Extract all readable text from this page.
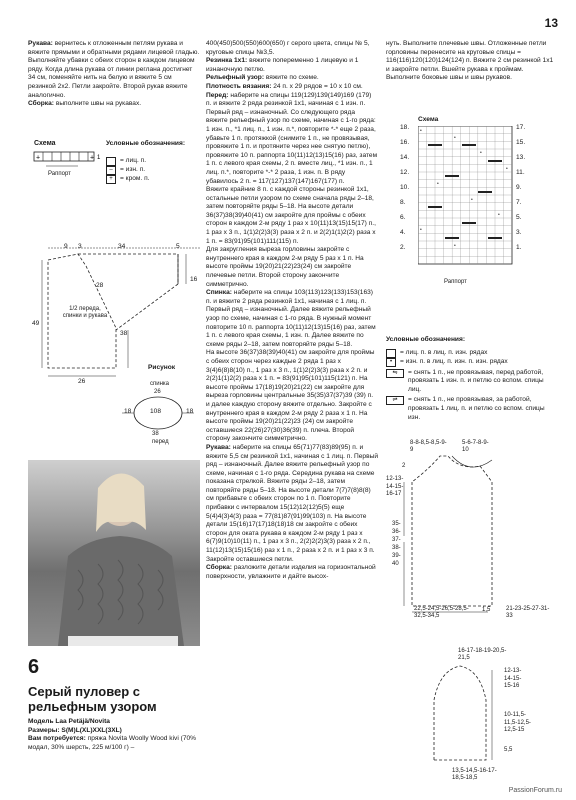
13

Рукава: вернитесь к отложенным петлям рукава и вяжите прямыми и обратными рядами лицевой гладью. Выполняйте убавки с обеих сторон в каждом лицевом ряду. Когда длина рукава от линии реглана достигнет 34 см, поменяйте нить на белую и вяжите 5 см резинкой 2х2. Петли закройте. Второй рукав вяжите аналогично.

Сборка: выполните швы на рукавах.

Схема
+	+ 1
Раппорт
Условные обозначения:
= лиц. п.
–	= изн. п.
+	= кром. п.
9 3	34	5
16
28
49
1/2 переда, спинки и рукава
38
26
Рисунок
спинка
26
108
18	18
38
перед
6
Серый пуловер с рельефным узором

Модель Laa Petäjä/Novita

Размеры: S(M)L(XL)XXL(3XL)

Вам потребуется: пряжа Novita Woolly Wood kivi (70% модал, 30% шерсть, 225 м/100 г) –

400(450)500(550)600(650) г серого цвета, спицы № 5, круговые спицы №3,5.

Резинка 1х1: вяжите попеременно 1 лицевую и 1 изнаночную петлю.

Рельефный узор: вяжите по схеме.

Плотность вязания: 24 п. х 29 рядов = 10 х 10 см.

Перед: наберите на спицы 119(129)139(149)169 (179) п. и вяжите 2 ряда резинкой 1х1, начиная с 1 изн. п. Первый ряд – изнаночный. Со следующего ряда вяжите рельефный узор по схеме, начиная с 1-го ряда: 1 изн. п., *1 лиц. п., 1 изн. п.*, повторите *-* еще 2 раза, убавьте 1 п. протяжкой (снимите 1 п., не провязывая, провяжите 1 п. и протяните через нее снятую петлю), провяжите 10 п. раппорта 10(11)12(13)15(16) раз, затем 1 п. с левого края схемы, 2 п. вместе лиц., *1 изн. п., 1 лиц. п.*, повторите *-* 2 раза, 1 изн. п. В ряду убавилось 2 п. = 117(127)137(147)167(177) п.

Вяжите крайние 8 п. с каждой стороны резинкой 1х1, остальные петли узором по схеме сначала ряды 2–18, затем повторяйте ряды 5–18. На высоте детали 36(37)38(39)40(41) см закройте для проймы с обеих сторон в каждом 2-м ряду 1 раз х 10(11)13(15)15(17) п., 1 раз х 3 п., 1(1)2(2)3(3) раза х 2 п. и 2(2)1(1)2(2) раза х 1 п. = 83(91)95(101)111(115) п.

Для закругления выреза горловины закройте с внутреннего края в каждом 2-м ряду 5 раз х 1 п. На высоте проймы 19(20)21(22)23(24) см закройте плечевые петли. Второй сторону закончите симметрично.

Спинка: наберите на спицы 103(113)123(133)153(163) п. и вяжите 2 ряда резинкой 1х1, начиная с 1 лиц. п. Первый ряд – изнаночный. Далее вяжите рельефный узор по схеме, начиная с 1-го ряда. В нужный момент повторите 10 п. раппорта 10(11)12(13)15(16) раз, затем 1 п. с левого края схемы, 1 изн. п. Далее вяжите по схеме ряды 2–18, затем повторяйте ряды 5–18.

На высоте 36(37)38(39)40(41) см закройте для проймы с обеих сторон через каждые 2 ряда 1 раз х 3(4)6(8)8(10) п., 1 раз х 3 п., 1(1)2(2)3(3) раза х 2 п. и 2(2)1(1)2(2) раза х 1 п. = 83(91)95(101)115(121) п. На высоте проймы 17(18)19(20)21(22) см закройте для выреза горловины центральные 35(35)37(37)39 (39) п. и далее каждую сторону вяжите отдельно. Закройте с внутреннего края в каждом 2-м ряду 2 раза х 1 п. На высоте проймы 19(20)21(22)23 (24) см закройте оставшиеся 22(26)27(30)36(39) п. плеча. Второй сторону закончите симметрично.

Рукава: наберите на спицы 65(71)77(83)89(95) п. и вяжите 5,5 см резинкой 1х1, начиная с 1 лиц. п. Первый ряд – изнаночный. Далее вяжите рельефный узор по схеме, начиная с 1-го ряда. Середина рукава на схеме показана стрелкой. Вяжите ряды 2–18, затем повторяйте ряды 5–18. На высоте детали 7(7)7(8)8(8) см прибавьте с обеих сторон по 1 п. Повторите прибавки с интервалом 15(12)12(12)5(5) еще 5(4)4(3)4(3) раза = 77(81)87(91)99(103) п. На высоте детали 15(16)17(17)18(18)18 см закройте с обеих сторон для оката рукава в каждом 2-м ряду 1 раз х 6(7)9(10)10(11) п., 1 раз х 3 п., 2(2)2(2)3(3) раза х 2 п., 11(12)13(15)15(16) раз х 1 п., 2 раза х 2 п. и 1 раз х 3 п. Закройте оставшиеся петли.

Сборка: разложите детали изделия на горизонтальной поверхности, увлажните и дайте высох-

нуть. Выполните плечевые швы. Отложенные петли горловины перенесите на круговые спицы = 116(116)120(120)124(124) п. Вяжите 2 см резинкой 1х1 и закройте петли. Вшейте рукава к проймам. Выполните боковые швы и швы рукавов.

Схема
18.
16.
14.
12.
10.
8.
6.
4.
2.
•
•
•
•
•
•
•
•
•
17.
15.
13.
11.
9.
7.
5.
3.
1.
Раппорт
Условные обозначения:
= лиц. п. в лиц. п. изн. рядах
•	= изн. п. в лиц. п. изн. п. изн. рядах
⇋	= снять 1 п., не провязывая, перед работой, провязать 1 изн. п. и петлю со вспом. спицы лиц.
⇌	= снять 1 п., не провязывая, за работой, провязать 1 лиц. п. и петлю со вспом. спицы изн.
8-8-8,5-8,5-9-9
5-6-7-8-9-10
2
12-13-14-15-16-17
35-36-37-38-39-40
22,5-24,5-26,5-28,5-32,5-34,5
1,5	21-23-25-27-31-33
16-17-18-19-20,5-21,5
12-13-14-15-15-16
10-11,5-11,5-12,5-12,5-15
5,5
13,5-14,5-16-17-18,5-18,5
PassionForum.ru
